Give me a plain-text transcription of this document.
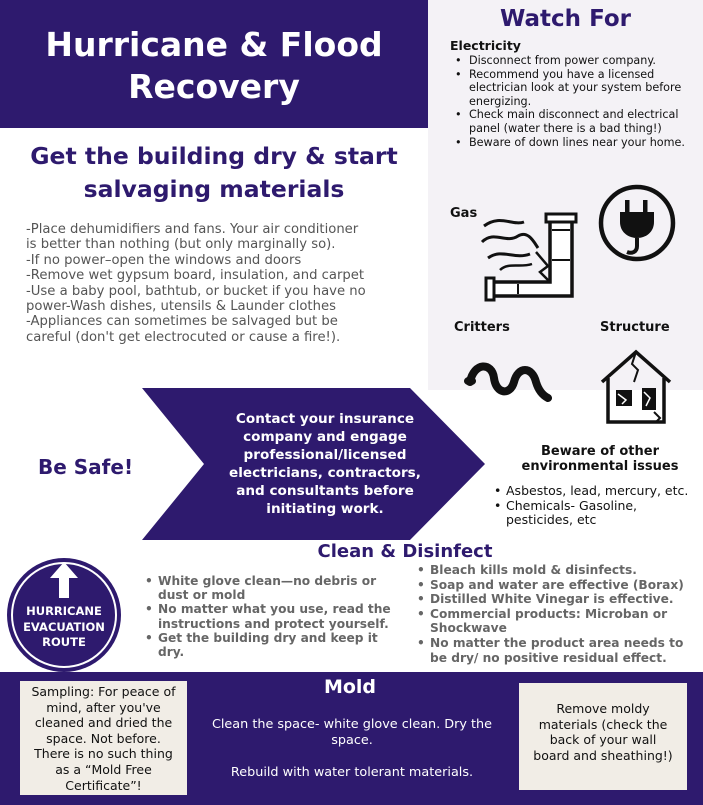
Hurricane & Flood
Recovery
Watch For
Electricity
• Disconnect from power company.
• Recommend you have a licensed electrician look at your system before energizing.
• Check main disconnect and electrical panel (water there is a bad thing!)
• Beware of down lines near your home.
Gas
Critters	Structure
Get the building dry & start
salvaging materials
-Place dehumidifiers and fans. Your air conditioner
is better than nothing (but only marginally so).
-If no power–open the windows and doors
-Remove wet gypsum board, insulation, and carpet
-Use a baby pool, bathtub, or bucket if you have no
power-Wash dishes, utensils & Launder clothes
-Appliances can sometimes be salvaged but be
careful (don't get electrocuted or cause a fire!).
Be Safe!
Contact your insurance
company and engage
professional/licensed
electricians, contractors,
and consultants before
initiating work.
Beware of other
environmental issues
• Asbestos, lead, mercury, etc.
• Chemicals- Gasoline, pesticides, etc
HURRICANE
EVACUATION
ROUTE
Clean & Disinfect
• White glove clean—no debris or dust or mold
• No matter what you use, read the instructions and protect yourself.
• Get the building dry and keep it dry.
• Bleach kills mold & disinfects.
• Soap and water are effective (Borax)
• Distilled White Vinegar is effective.
• Commercial products: Microban or Shockwave
• No matter the product area needs to be dry/ no positive residual effect.
Mold
Sampling: For peace of
mind, after you've
cleaned and dried the
space. Not before.
There is no such thing
as a “Mold Free
Certificate”!
Clean the space- white glove clean. Dry the
space.
Rebuild with water tolerant materials.
Remove moldy
materials (check the
back of your wall
board and sheathing!)
